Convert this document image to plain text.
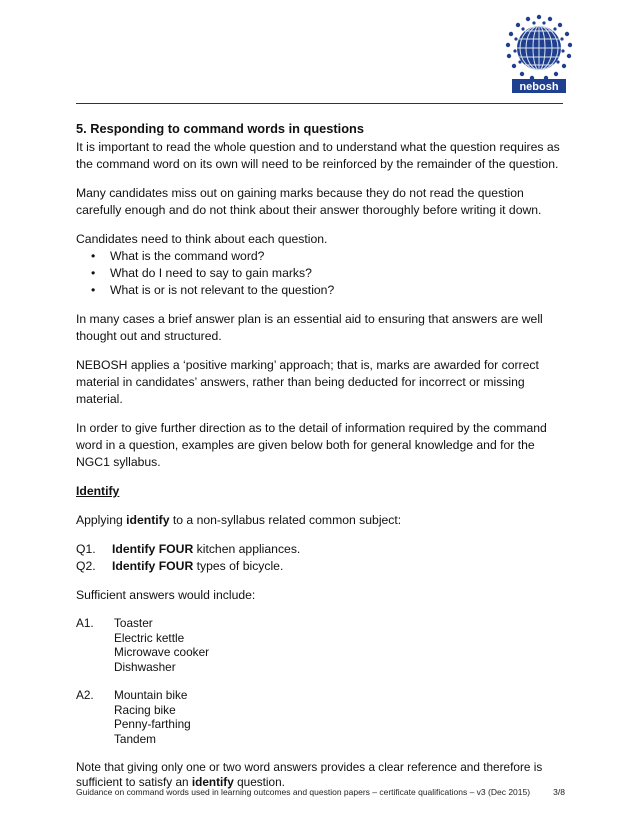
nebosh
5. Responding to command words in questions

It is important to read the whole question and to understand what the question requires as the command word on its own will need to be reinforced by the remainder of the question.

Many candidates miss out on gaining marks because they do not read the question carefully enough and do not think about their answer thoroughly before writing it down.

Candidates need to think about each question.

• What is the command word?
• What do I need to say to gain marks?
• What is or is not relevant to the question?

In many cases a brief answer plan is an essential aid to ensuring that answers are well thought out and structured.

NEBOSH applies a ‘positive marking’ approach; that is, marks are awarded for correct material in candidates’ answers, rather than being deducted for incorrect or missing material.

In order to give further direction as to the detail of information required by the command word in a question, examples are given below both for general knowledge and for the NGC1 syllabus.

Identify

Applying identify to a non-syllabus related common subject:

Q1.	Identify FOUR kitchen appliances.
Q2.	Identify FOUR types of bicycle.

Sufficient answers would include:

A1.	Toaster
Electric kettle
Microwave cooker
Dishwasher
A2.	Mountain bike
Racing bike
Penny-farthing
Tandem

Note that giving only one or two word answers provides a clear reference and therefore is sufficient to satisfy an identify question.

Guidance on command words used in learning outcomes and question papers – certificate qualifications – v3 (Dec 2015)	3/8
